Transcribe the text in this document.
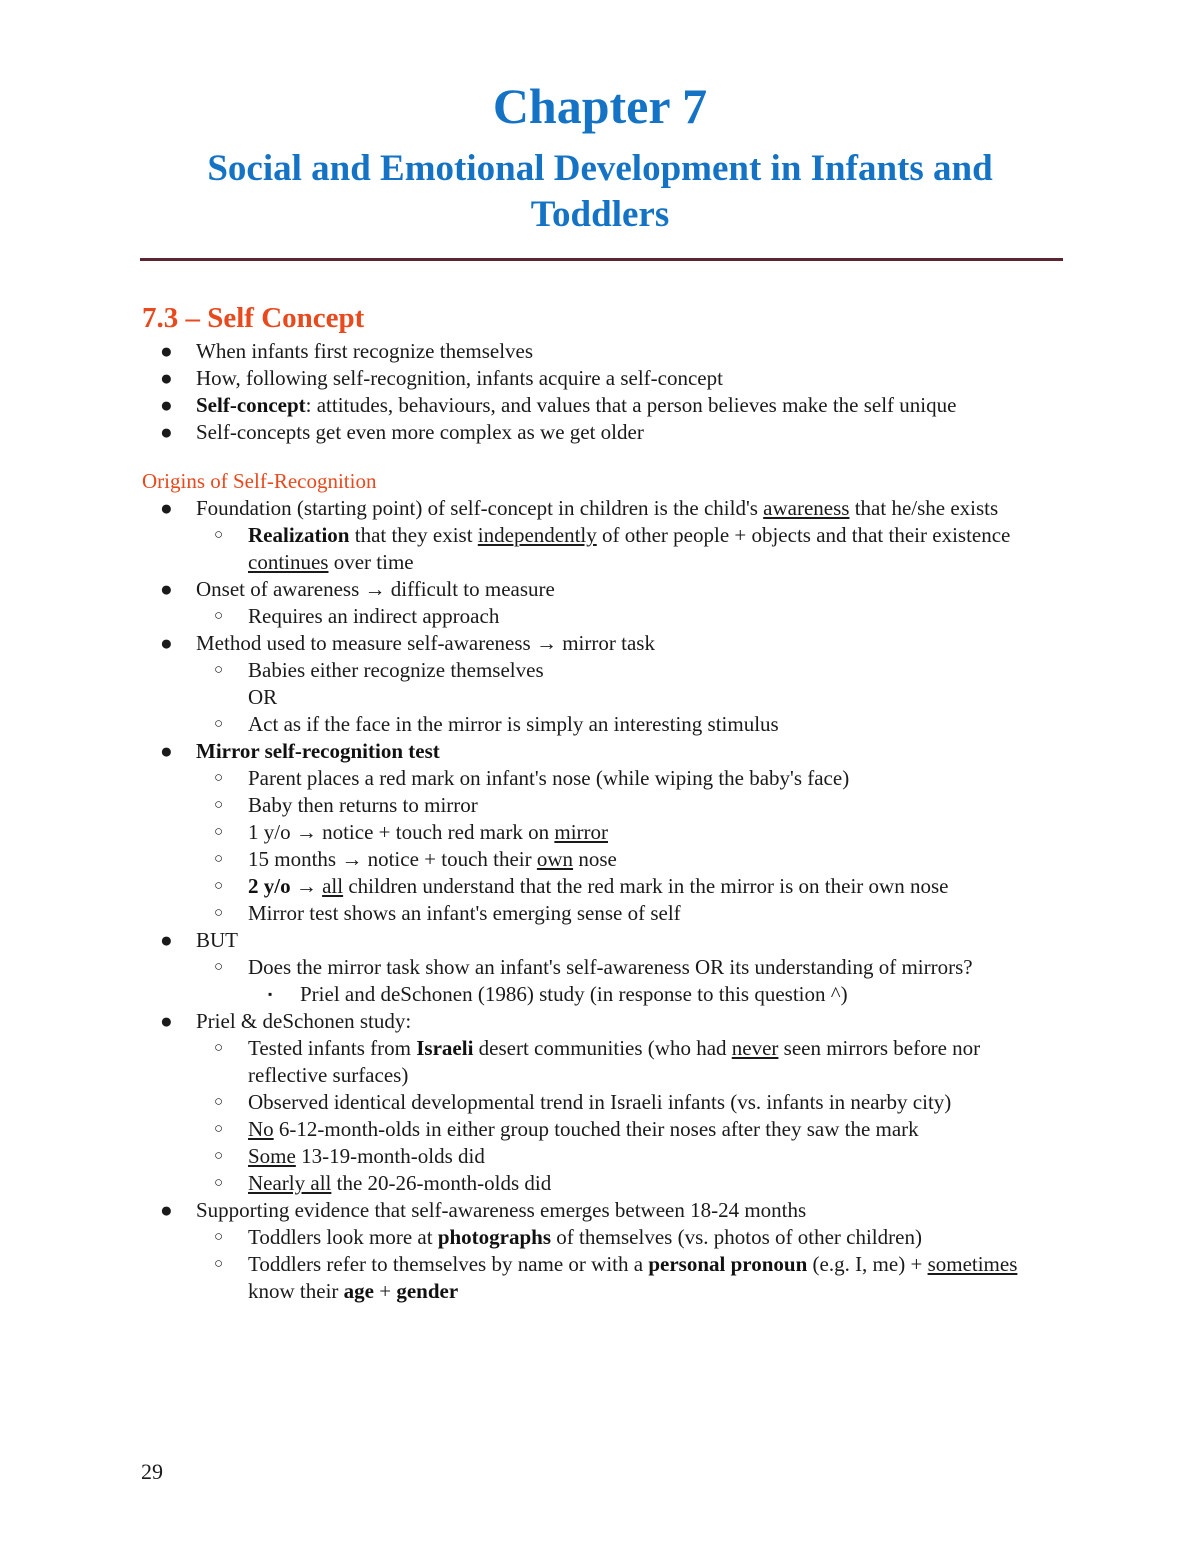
Chapter 7
Social and Emotional Development in Infants and Toddlers
7.3 – Self Concept
● When infants first recognize themselves
● How, following self-recognition, infants acquire a self-concept
● Self-concept: attitudes, behaviours, and values that a person believes make the self unique
● Self-concepts get even more complex as we get older
Origins of Self-Recognition
● Foundation (starting point) of self-concept in children is the child's awareness that he/she exists
○ Realization that they exist independently of other people + objects and that their existence continues over time
● Onset of awareness → difficult to measure
○ Requires an indirect approach
● Method used to measure self-awareness → mirror task
○ Babies either recognize themselves
OR
○ Act as if the face in the mirror is simply an interesting stimulus
● Mirror self-recognition test
○ Parent places a red mark on infant's nose (while wiping the baby's face)
○ Baby then returns to mirror
○ 1 y/o → notice + touch red mark on mirror
○ 15 months → notice + touch their own nose
○ 2 y/o → all children understand that the red mark in the mirror is on their own nose
○ Mirror test shows an infant's emerging sense of self
● BUT
○ Does the mirror task show an infant's self-awareness OR its understanding of mirrors?
▪ Priel and deSchonen (1986) study (in response to this question ^)
● Priel & deSchonen study:
○ Tested infants from Israeli desert communities (who had never seen mirrors before nor reflective surfaces)
○ Observed identical developmental trend in Israeli infants (vs. infants in nearby city)
○ No 6-12-month-olds in either group touched their noses after they saw the mark
○ Some 13-19-month-olds did
○ Nearly all the 20-26-month-olds did
● Supporting evidence that self-awareness emerges between 18-24 months
○ Toddlers look more at photographs of themselves (vs. photos of other children)
○ Toddlers refer to themselves by name or with a personal pronoun (e.g. I, me) + sometimes know their age + gender

29
